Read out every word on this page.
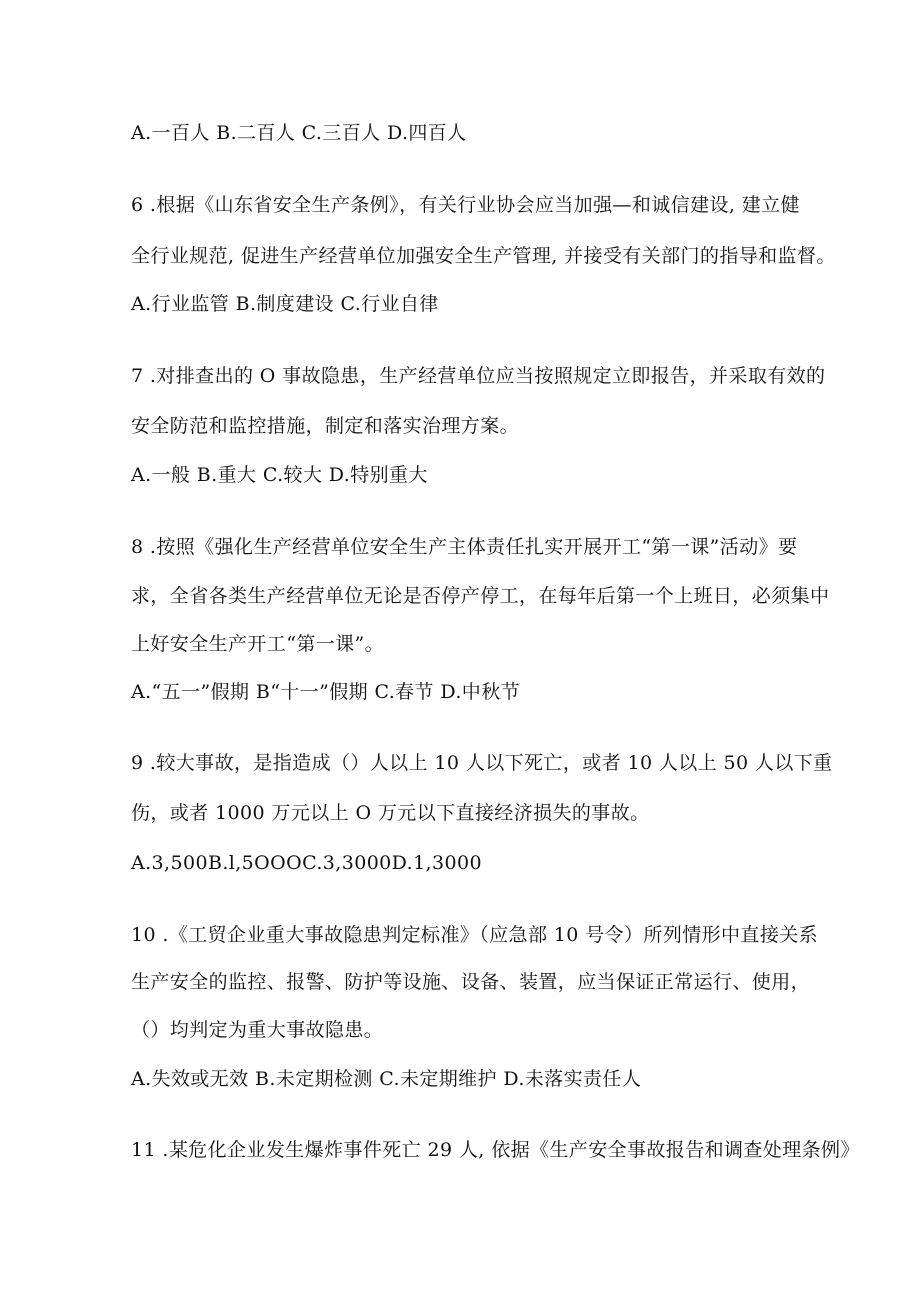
A.一百人 B.二百人 C.三百人 D.四百人

6 .根据《山东省安全生产条例》，有关行业协会应当加强—和诚信建设, 建立健

全行业规范, 促进生产经营单位加强安全生产管理, 并接受有关部门的指导和监督。

A.行业监管 B.制度建设 C.行业自律

7 .对排查出的 O 事故隐患，生产经营单位应当按照规定立即报告，并采取有效的

安全防范和监控措施，制定和落实治理方案。

A.一般 B.重大 C.较大 D.特别重大

8 .按照《强化生产经营单位安全生产主体责任扎实开展开工“第一课”活动》要

求，全省各类生产经营单位无论是否停产停工，在每年后第一个上班日，必须集中

上好安全生产开工“第一课”。

A.“五一”假期 B“十一”假期 C.春节 D.中秋节

9 .较大事故，是指造成（）人以上 10 人以下死亡，或者 10 人以上 50 人以下重

伤，或者 1000 万元以上 O 万元以下直接经济损失的事故。

A.3,500B.l,5OOOC.3,3000D.1,3000

10 .《工贸企业重大事故隐患判定标准》（应急部 10 号令）所列情形中直接关系

生产安全的监控、报警、防护等设施、设备、装置，应当保证正常运行、使用，

（）均判定为重大事故隐患。

A.失效或无效 B.未定期检测 C.未定期维护 D.未落实责任人

11 .某危化企业发生爆炸事件死亡 29 人, 依据《生产安全事故报告和调查处理条例》
